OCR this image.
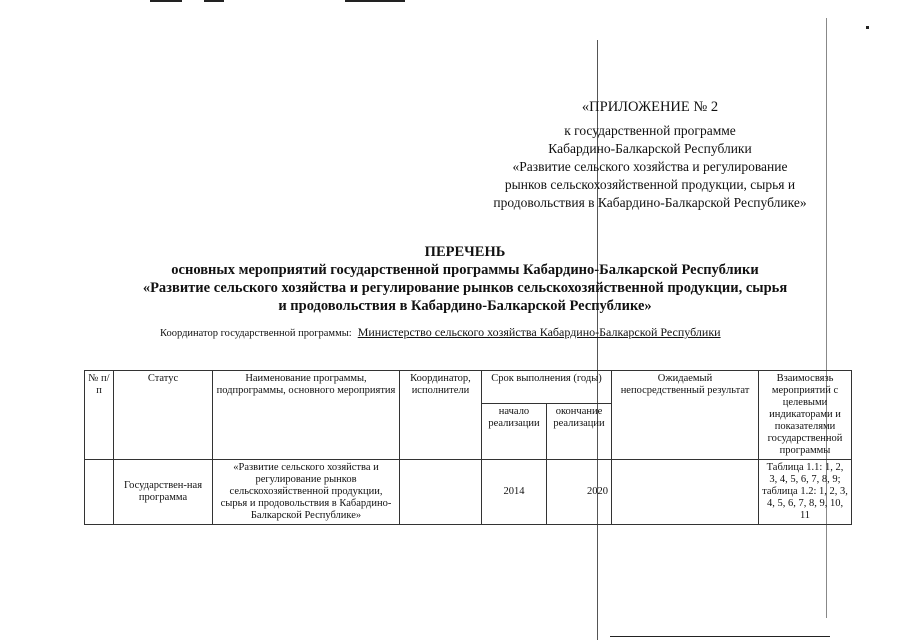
«ПРИЛОЖЕНИЕ № 2
к государственной программе
Кабардино-Балкарской Республики
«Развитие сельского хозяйства и регулирование
рынков сельскохозяйственной продукции, сырья и
продовольствия в Кабардино-Балкарской Республике»
ПЕРЕЧЕНЬ
основных мероприятий государственной программы Кабардино-Балкарской Республики
«Развитие сельского хозяйства и регулирование рынков сельскохозяйственной продукции, сырья
и продовольствия в Кабардино-Балкарской Республике»
Координатор государственной программы: Министерство сельского хозяйства Кабардино-Балкарской Республики
№ п/п	Статус	Наименование программы, подпрограммы, основного мероприятия	Координатор, исполнители	Срок выполнения (годы)		Ожидаемый непосредственный результат	Взаимосвязь мероприятий с целевыми индикаторами и показателями государственной программы
				начало реализации	окончание реализации		
	Государствен-ная программа	«Развитие сельского хозяйства и регулирование рынков сельскохозяйственной продукции, сырья и продовольствия в Кабардино-Балкарской Республике»		2014	2020		Таблица 1.1: 1, 2, 3, 4, 5, 6, 7, 8, 9; таблица 1.2: 1, 2, 3, 4, 5, 6, 7, 8, 9, 10, 11
